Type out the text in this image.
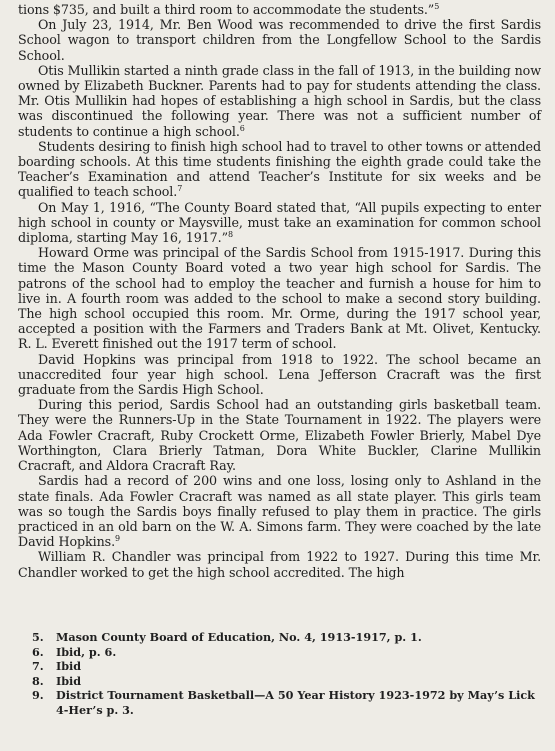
tions $735, and built a third room to accommodate the students.”$^5$

On July 23, 1914, Mr. Ben Wood was recommended to drive the first Sardis School wagon to transport children from the Longfellow School to the Sardis School.

Otis Mullikin started a ninth grade class in the fall of 1913, in the building now owned by Elizabeth Buckner. Parents had to pay for students attending the class. Mr. Otis Mullikin had hopes of establishing a high school in Sardis, but the class was discontinued the following year. There was not a sufficient number of students to continue a high school.$^6$

Students desiring to finish high school had to travel to other towns or attended boarding schools. At this time students finishing the eighth grade could take the Teacher’s Examination and attend Teacher’s Institute for six weeks and be qualified to teach school.$^7$

On May 1, 1916, “The County Board stated that, “All pupils expecting to enter high school in county or Maysville, must take an examination for common school diploma, starting May 16, 1917.”$^8$

Howard Orme was principal of the Sardis School from 1915-1917. During this time the Mason County Board voted a two year high school for Sardis. The patrons of the school had to employ the teacher and furnish a house for him to live in. A fourth room was added to the school to make a second story building. The high school occupied this room. Mr. Orme, during the 1917 school year, accepted a position with the Farmers and Traders Bank at Mt. Olivet, Kentucky. R. L. Everett finished out the 1917 term of school.

David Hopkins was principal from 1918 to 1922. The school became an unaccredited four year high school. Lena Jefferson Cracraft was the first graduate from the Sardis High School.

During this period, Sardis School had an outstanding girls basketball team. They were the Runners-Up in the State Tournament in 1922. The players were Ada Fowler Cracraft, Ruby Crockett Orme, Elizabeth Fowler Brierly, Mabel Dye Worthington, Clara Brierly Tatman, Dora White Buckler, Clarine Mullikin Cracraft, and Aldora Cracraft Ray.

Sardis had a record of 200 wins and one loss, losing only to Ashland in the state finals. Ada Fowler Cracraft was named as all state player. This girls team was so tough the Sardis boys finally refused to play them in practice. The girls practiced in an old barn on the W. A. Simons farm. They were coached by the late David Hopkins.$^9$

William R. Chandler was principal from 1922 to 1927. During this time Mr. Chandler worked to get the high school accredited. The high

5.	Mason County Board of Education, No. 4, 1913-1917, p. 1.
6.	Ibid, p. 6.
7.	Ibid
8.	Ibid
9.	District Tournament Basketball—A 50 Year History 1923-1972 by May’s Lick 4-Her’s p. 3.
